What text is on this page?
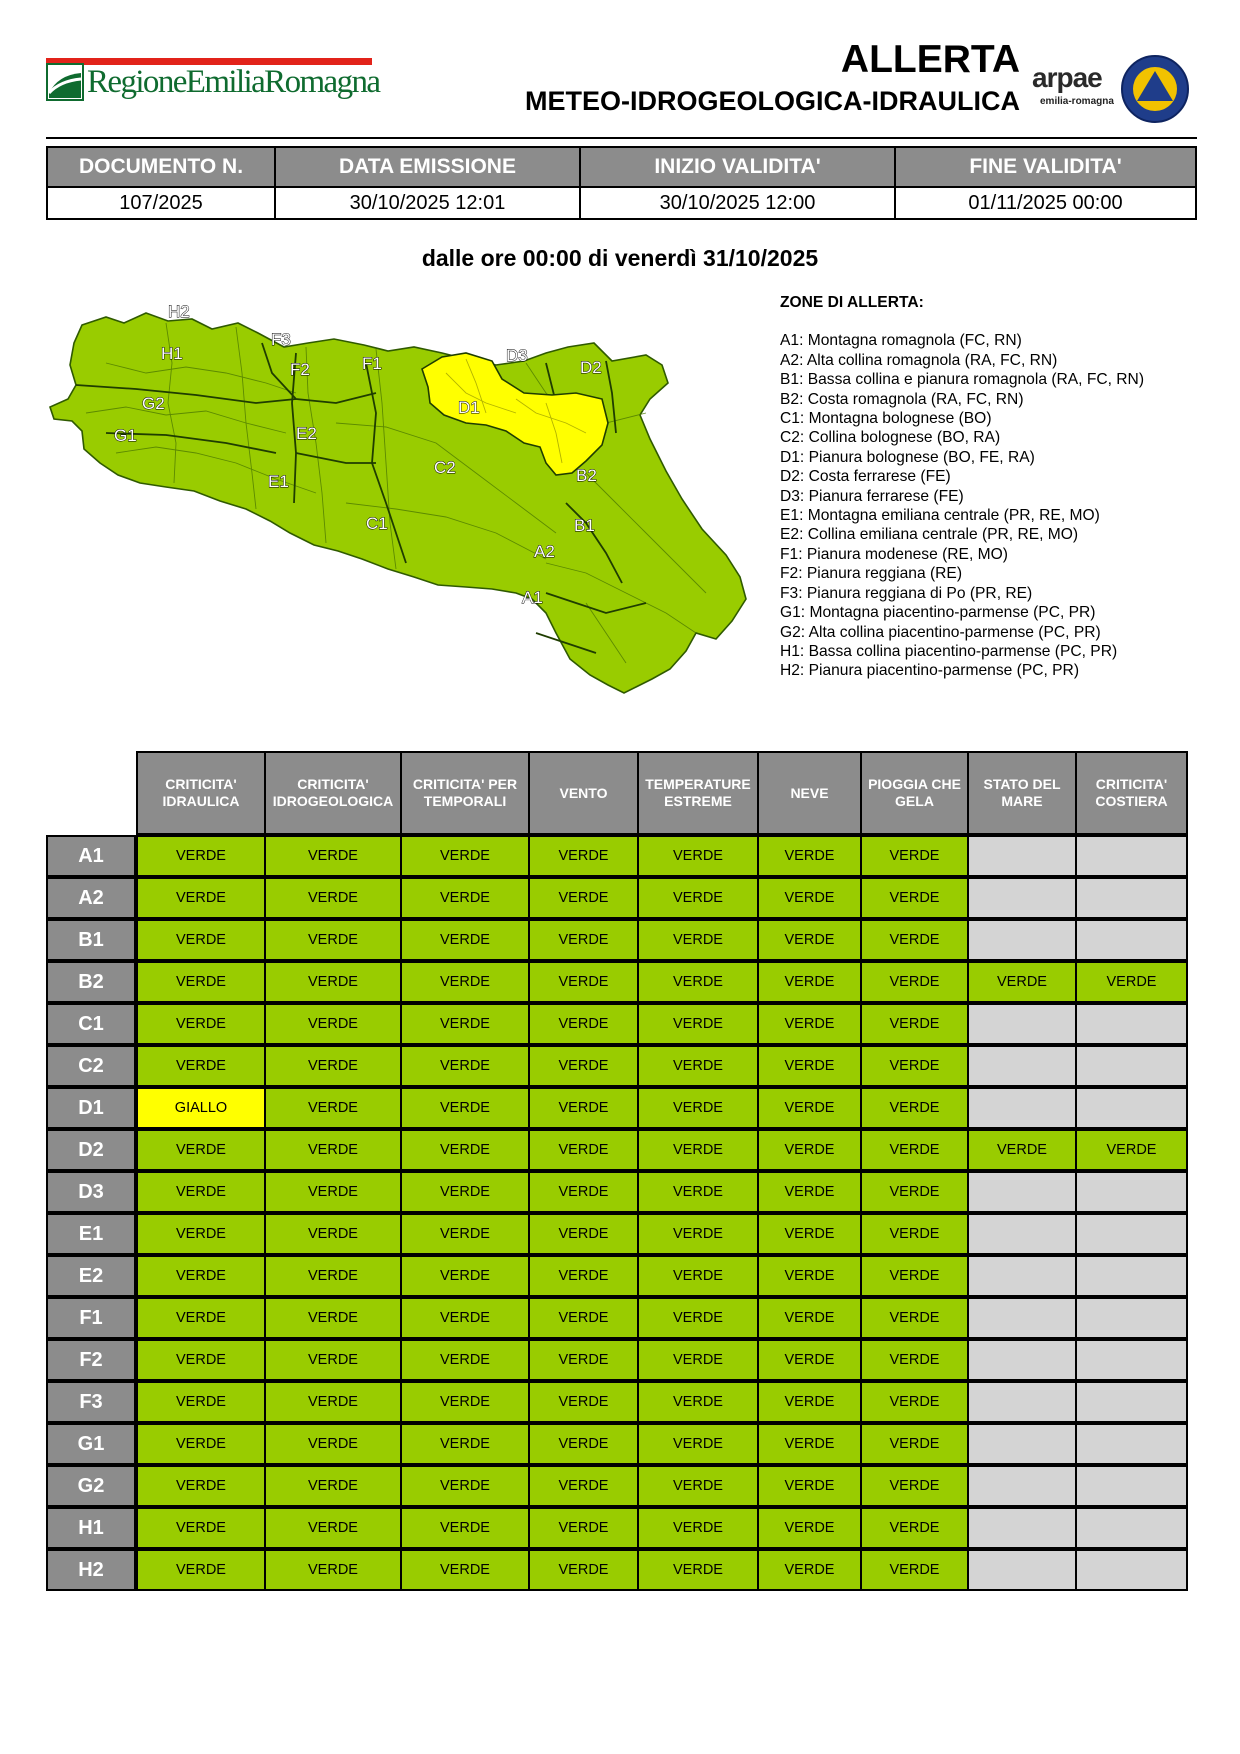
RegioneEmiliaRomagna
ALLERTA
METEO-IDROGEOLOGICA-IDRAULICA
arpae
emilia-romagna
DOCUMENTO N.	DATA EMISSIONE	INIZIO VALIDITA'	FINE VALIDITA'
107/2025	30/10/2025 12:01	30/10/2025 12:00	01/11/2025 00:00
dalle ore 00:00 di venerdì 31/10/2025
H2
H1
G2
G1
F3
F2	F1
E2
E1
D3
D2
D1
C2
C1
B2
B1
A2
A1
ZONE DI ALLERTA:
A1: Montagna romagnola (FC, RN)
A2: Alta collina romagnola (RA, FC, RN)
B1: Bassa collina e pianura romagnola (RA, FC, RN)
B2: Costa romagnola (RA, FC, RN)
C1: Montagna bolognese (BO)
C2: Collina bolognese (BO, RA)
D1: Pianura bolognese (BO, FE, RA)
D2: Costa ferrarese (FE)
D3: Pianura ferrarese (FE)
E1: Montagna emiliana centrale (PR, RE, MO)
E2: Collina emiliana centrale (PR, RE, MO)
F1: Pianura modenese (RE, MO)
F2: Pianura reggiana (RE)
F3: Pianura reggiana di Po (PR, RE)
G1: Montagna piacentino-parmense (PC, PR)
G2: Alta collina piacentino-parmense (PC, PR)
H1: Bassa collina piacentino-parmense (PC, PR)
H2: Pianura piacentino-parmense (PC, PR)
CRITICITA' IDRAULICA
CRITICITA' IDROGEOLOGICA
CRITICITA' PER TEMPORALI
VENTO
TEMPERATURE ESTREME
NEVE
PIOGGIA CHE GELA
STATO DEL MARE
CRITICITA' COSTIERA
A1	VERDE	VERDE	VERDE	VERDE	VERDE	VERDE	VERDE
A2	VERDE	VERDE	VERDE	VERDE	VERDE	VERDE	VERDE
B1	VERDE	VERDE	VERDE	VERDE	VERDE	VERDE	VERDE
B2	VERDE	VERDE	VERDE	VERDE	VERDE	VERDE	VERDE	VERDE	VERDE
C1	VERDE	VERDE	VERDE	VERDE	VERDE	VERDE	VERDE
C2	VERDE	VERDE	VERDE	VERDE	VERDE	VERDE	VERDE
D1	GIALLO	VERDE	VERDE	VERDE	VERDE	VERDE	VERDE
D2	VERDE	VERDE	VERDE	VERDE	VERDE	VERDE	VERDE	VERDE	VERDE
D3	VERDE	VERDE	VERDE	VERDE	VERDE	VERDE	VERDE
E1	VERDE	VERDE	VERDE	VERDE	VERDE	VERDE	VERDE
E2	VERDE	VERDE	VERDE	VERDE	VERDE	VERDE	VERDE
F1	VERDE	VERDE	VERDE	VERDE	VERDE	VERDE	VERDE
F2	VERDE	VERDE	VERDE	VERDE	VERDE	VERDE	VERDE
F3	VERDE	VERDE	VERDE	VERDE	VERDE	VERDE	VERDE
G1	VERDE	VERDE	VERDE	VERDE	VERDE	VERDE	VERDE
G2	VERDE	VERDE	VERDE	VERDE	VERDE	VERDE	VERDE
H1	VERDE	VERDE	VERDE	VERDE	VERDE	VERDE	VERDE
H2	VERDE	VERDE	VERDE	VERDE	VERDE	VERDE	VERDE
